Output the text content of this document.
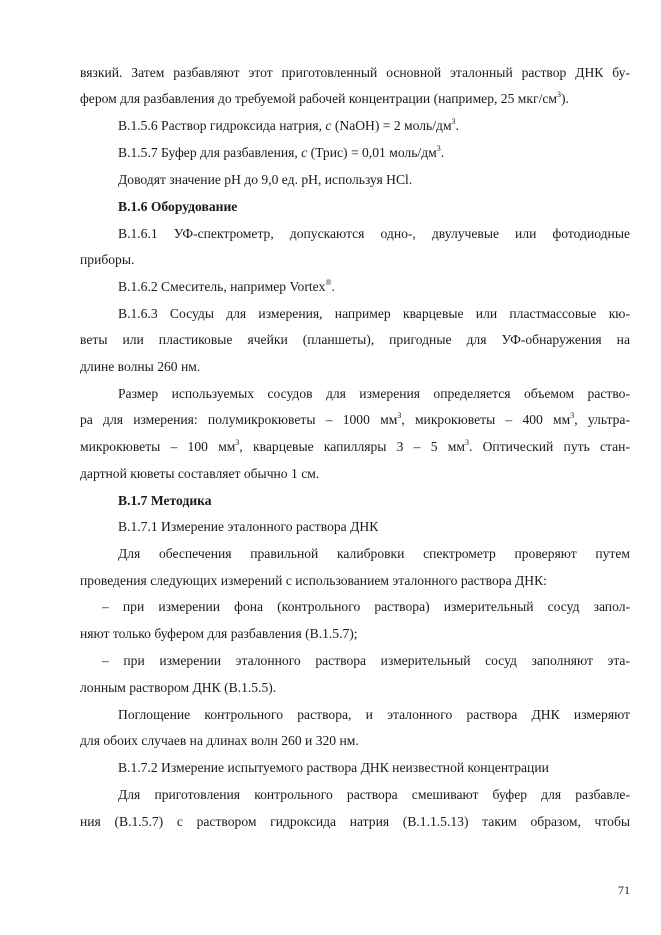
вязкий. Затем разбавляют этот приготовленный основной эталонный раствор ДНК бу-
фером для разбавления до требуемой рабочей концентрации (например, 25 мкг/$см^3$).
В.1.5.6 Раствор гидроксида натрия, с (NaOH) = 2 моль/$дм^3$.
В.1.5.7 Буфер для разбавления, с (Трис) = 0,01 моль/$дм^3$.
Доводят значение pH до 9,0 ед. pH, используя HCl.
В.1.6 Оборудование
В.1.6.1 УФ-спектрометр, допускаются одно-, двулучевые или фотодиодные
приборы.
В.1.6.2 Смеситель, например Vortex®.
В.1.6.3 Сосуды для измерения, например кварцевые или пластмассовые кю-
веты или пластиковые ячейки (планшеты), пригодные для УФ-обнаружения на
длине волны 260 нм.
Размер используемых сосудов для измерения определяется объемом раство-
ра для измерения: полумикрокюветы – 1000 $мм^3$, микрокюветы – 400 $мм^3$, ультра-
микрокюветы – 100 $мм^3$, кварцевые капилляры 3 – 5 $мм^3$. Оптический путь стан-
дартной кюветы составляет обычно 1 см.
В.1.7 Методика
В.1.7.1 Измерение эталонного раствора ДНК
Для обеспечения правильной калибровки спектрометр проверяют путем
проведения следующих измерений с использованием эталонного раствора ДНК:
– при измерении фона (контрольного раствора) измерительный сосуд запол-
няют только буфером для разбавления (В.1.5.7);
– при измерении эталонного раствора измерительный сосуд заполняют эта-
лонным раствором ДНК (В.1.5.5).
Поглощение контрольного раствора, и эталонного раствора ДНК измеряют
для обоих случаев на длинах волн 260 и 320 нм.
В.1.7.2 Измерение испытуемого раствора ДНК неизвестной концентрации
Для приготовления контрольного раствора смешивают буфер для разбавле-
ния (В.1.5.7) с раствором гидроксида натрия (В.1.1.5.13) таким образом, чтобы
71
